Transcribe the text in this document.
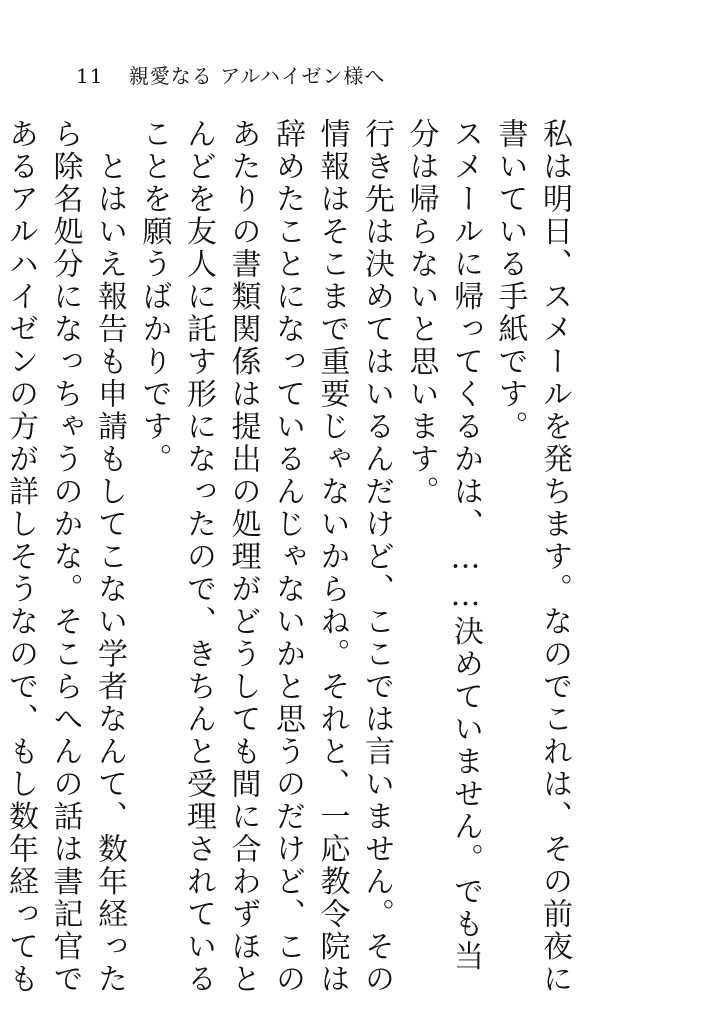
11 親愛なる アルハイゼン様へ

私は明日、スメールを発ちます。なのでこれは、その前夜に書いている手紙です。

スメールに帰ってくるかは、……決めていません。でも当分は帰らないと思います。

行き先は決めてはいるんだけど、ここでは言いません。その情報はそこまで重要じゃないからね。それと、一応教令院は辞めたことになっているんじゃないかと思うのだけど、このあたりの書類関係は提出の処理がどうしても間に合わずほとんどを友人に託す形になったので、きちんと受理されていることを願うばかりです。

　とはいえ報告も申請もしてこない学者なんて、数年経ったら除名処分になっちゃうのかな。そこらへんの話は書記官であるアルハイゼンの方が詳しそうなので、もし数年経っても
